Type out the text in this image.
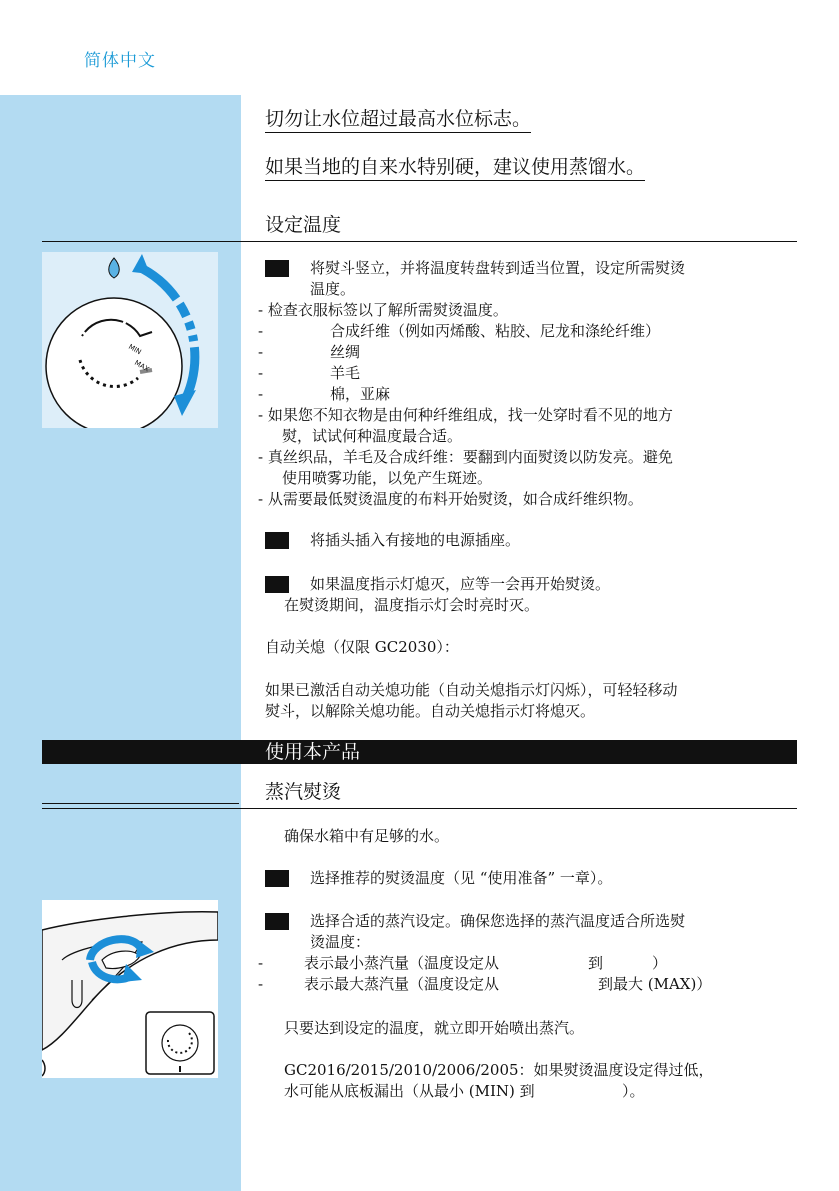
简体中文
切勿让水位超过最高水位标志。
如果当地的自来水特别硬，建议使用蒸馏水。
设定温度
MIN
MAX
将熨斗竖立，并将温度转盘转到适当位置，设定所需熨烫
温度。
- 检查衣服标签以了解所需熨烫温度。
-	合成纤维（例如丙烯酸、粘胶、尼龙和涤纶纤维）
-	丝绸
-	羊毛
-	棉，亚麻
- 如果您不知衣物是由何种纤维组成，找一处穿时看不见的地方
熨，试试何种温度最合适。
- 真丝织品，羊毛及合成纤维：要翻到内面熨烫以防发亮。避免
使用喷雾功能，以免产生斑迹。
- 从需要最低熨烫温度的布料开始熨烫，如合成纤维织物。
将插头插入有接地的电源插座。
如果温度指示灯熄灭，应等一会再开始熨烫。
在熨烫期间，温度指示灯会时亮时灭。
自动关熄（仅限 GC2030）：
如果已激活自动关熄功能（自动关熄指示灯闪烁），可轻轻移动
熨斗，以解除关熄功能。自动关熄指示灯将熄灭。
使用本产品
蒸汽熨烫
确保水箱中有足够的水。
选择推荐的熨烫温度（见 “使用准备” 一章）。
选择合适的蒸汽设定。确保您选择的蒸汽温度适合所选熨
烫温度：
-	表示最小蒸汽量（温度设定从	到	）
-	表示最大蒸汽量（温度设定从	到最大 (MAX)）
只要达到设定的温度，就立即开始喷出蒸汽。
GC2016/2015/2010/2006/2005：如果熨烫温度设定得过低，
水可能从底板漏出（从最小 (MIN) 到	）。
